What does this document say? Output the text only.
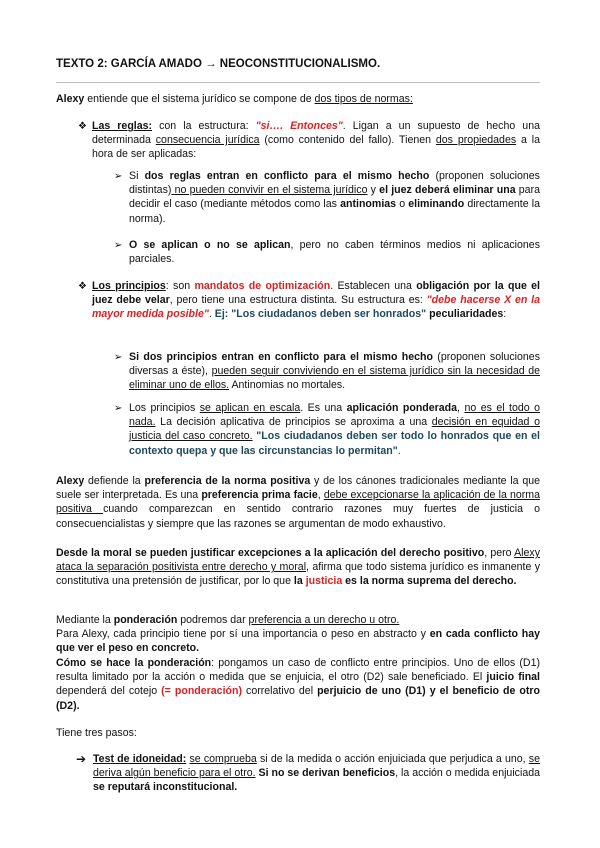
TEXTO 2: GARCÍA AMADO → NEOCONSTITUCIONALISMO.
Alexy entiende que el sistema jurídico se compone de dos tipos de normas:
❖ Las reglas: con la estructura: "si…. Entonces". Ligan a un supuesto de hecho una determinada consecuencia jurídica (como contenido del fallo). Tienen dos propiedades a la hora de ser aplicadas:
➢ Si dos reglas entran en conflicto para el mismo hecho (proponen soluciones distintas) no pueden convivir en el sistema jurídico y el juez deberá eliminar una para decidir el caso (mediante métodos como las antinomias o eliminando directamente la norma).
➢ O se aplican o no se aplican, pero no caben términos medios ni aplicaciones parciales.
❖ Los principios: son mandatos de optimización. Establecen una obligación por la que el juez debe velar, pero tiene una estructura distinta. Su estructura es: "debe hacerse X en la mayor medida posible". Ej: "Los ciudadanos deben ser honrados" peculiaridades:
➢ Si dos principios entran en conflicto para el mismo hecho (proponen soluciones diversas a éste), pueden seguir conviviendo en el sistema jurídico sin la necesidad de eliminar uno de ellos. Antinomias no mortales.
➢ Los principios se aplican en escala. Es una aplicación ponderada, no es el todo o nada. La decisión aplicativa de principios se aproxima a una decisión en equidad o justicia del caso concreto. "Los ciudadanos deben ser todo lo honrados que en el contexto quepa y que las circunstancias lo permitan".
Alexy defiende la preferencia de la norma positiva y de los cánones tradicionales mediante la que suele ser interpretada. Es una preferencia prima facie, debe excepcionarse la aplicación de la norma positiva cuando comparezcan en sentido contrario razones muy fuertes de justicia o consecuencialistas y siempre que las razones se argumentan de modo exhaustivo.
Desde la moral se pueden justificar excepciones a la aplicación del derecho positivo, pero Alexy ataca la separación positivista entre derecho y moral, afirma que todo sistema jurídico es inmanente y constitutiva una pretensión de justificar, por lo que la justicia es la norma suprema del derecho.
Mediante la ponderación podremos dar preferencia a un derecho u otro.
Para Alexy, cada principio tiene por sí una importancia o peso en abstracto y en cada conflicto hay que ver el peso en concreto.
Cómo se hace la ponderación: pongamos un caso de conflicto entre principios. Uno de ellos (D1) resulta limitado por la acción o medida que se enjuicia, el otro (D2) sale beneficiado. El juicio final dependerá del cotejo (= ponderación) correlativo del perjuicio de uno (D1) y el beneficio de otro (D2).
Tiene tres pasos:
➔ Test de idoneidad: se comprueba si de la medida o acción enjuiciada que perjudica a uno, se deriva algún beneficio para el otro. Si no se derivan beneficios, la acción o medida enjuiciada se reputará inconstitucional.
